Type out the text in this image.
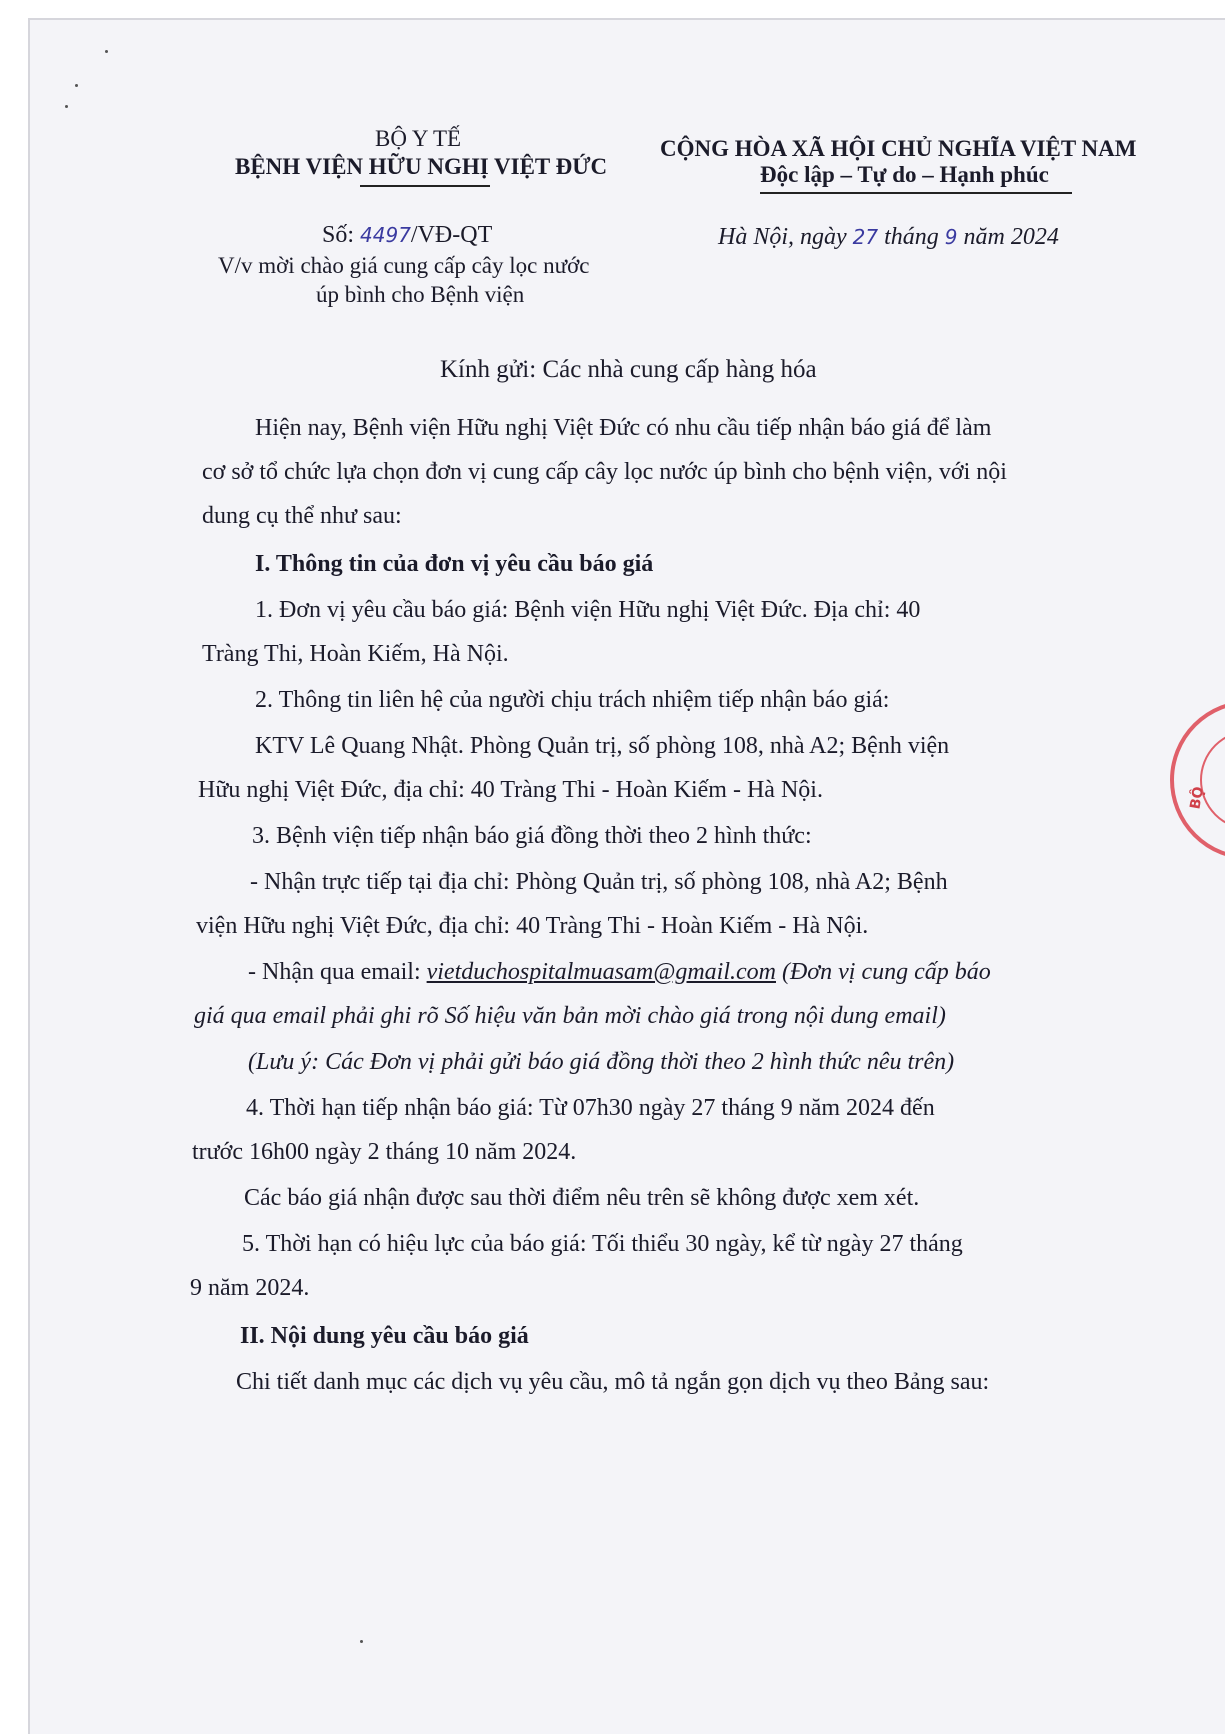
BỘ Y TẾ
BỆNH VIỆN HỮU NGHỊ VIỆT ĐỨC
CỘNG HÒA XÃ HỘI CHỦ NGHĨA VIỆT NAM
Độc lập – Tự do – Hạnh phúc
Số: 4497/VĐ-QT
V/v mời chào giá cung cấp cây lọc nước
úp bình cho Bệnh viện
Hà Nội, ngày 27 tháng 9 năm 2024
Kính gửi: Các nhà cung cấp hàng hóa
Hiện nay, Bệnh viện Hữu nghị Việt Đức có nhu cầu tiếp nhận báo giá để làm
cơ sở tổ chức lựa chọn đơn vị cung cấp cây lọc nước úp bình cho bệnh viện, với nội
dung cụ thể như sau:
I. Thông tin của đơn vị yêu cầu báo giá
1. Đơn vị yêu cầu báo giá: Bệnh viện Hữu nghị Việt Đức. Địa chỉ: 40
Tràng Thi, Hoàn Kiếm, Hà Nội.
2. Thông tin liên hệ của người chịu trách nhiệm tiếp nhận báo giá:
KTV Lê Quang Nhật. Phòng Quản trị, số phòng 108, nhà A2; Bệnh viện
Hữu nghị Việt Đức, địa chỉ: 40 Tràng Thi - Hoàn Kiếm - Hà Nội.
3. Bệnh viện tiếp nhận báo giá đồng thời theo 2 hình thức:
- Nhận trực tiếp tại địa chỉ: Phòng Quản trị, số phòng 108, nhà A2; Bệnh
viện Hữu nghị Việt Đức, địa chỉ: 40 Tràng Thi - Hoàn Kiếm - Hà Nội.
- Nhận qua email: vietduchospitalmuasam@gmail.com (Đơn vị cung cấp báo
giá qua email phải ghi rõ Số hiệu văn bản mời chào giá trong nội dung email)
(Lưu ý: Các Đơn vị phải gửi báo giá đồng thời theo 2 hình thức nêu trên)
4. Thời hạn tiếp nhận báo giá: Từ 07h30 ngày 27 tháng 9 năm 2024 đến
trước 16h00 ngày 2 tháng 10 năm 2024.
Các báo giá nhận được sau thời điểm nêu trên sẽ không được xem xét.
5. Thời hạn có hiệu lực của báo giá: Tối thiểu 30 ngày, kể từ ngày 27 tháng
9 năm 2024.
II. Nội dung yêu cầu báo giá
Chi tiết danh mục các dịch vụ yêu cầu, mô tả ngắn gọn dịch vụ theo Bảng sau:
BỘ
